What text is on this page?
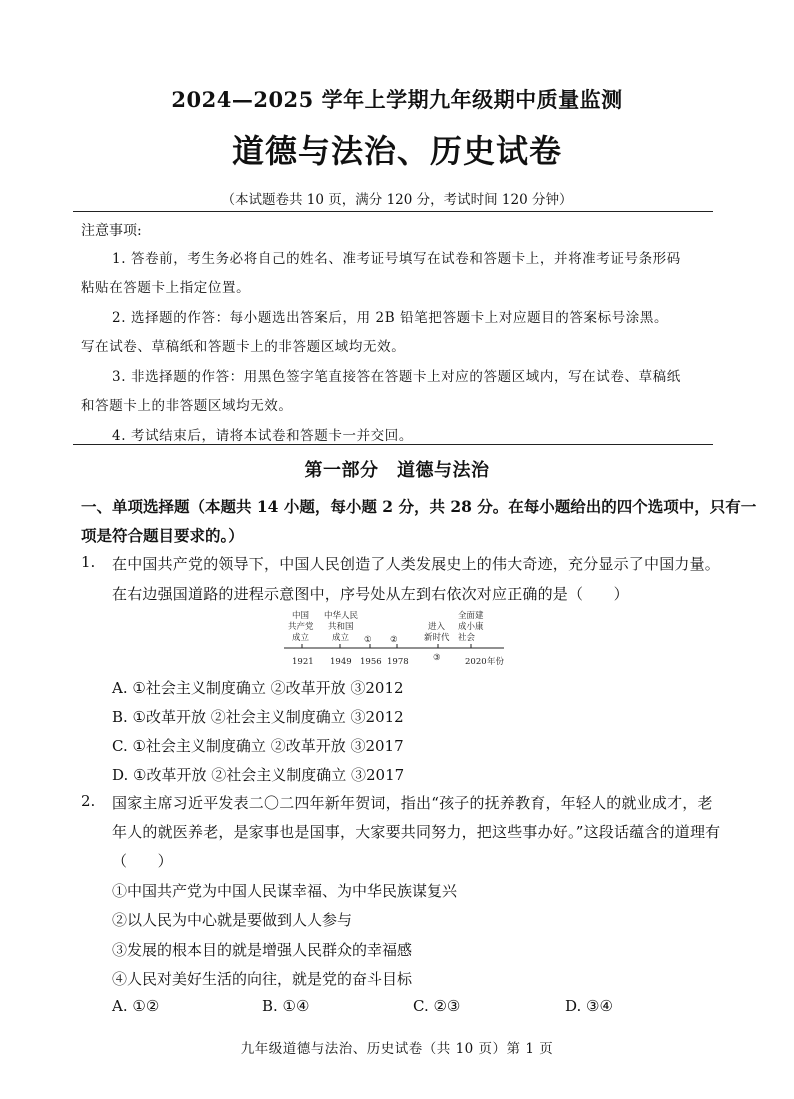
2024—2025 学年上学期九年级期中质量监测
道德与法治、历史试卷
（本试题卷共 10 页，满分 120 分，考试时间 120 分钟）
注意事项:
1. 答卷前，考生务必将自己的姓名、准考证号填写在试卷和答题卡上，并将准考证号条形码
粘贴在答题卡上指定位置。
2. 选择题的作答：每小题选出答案后，用 2B 铅笔把答题卡上对应题目的答案标号涂黑。
写在试卷、草稿纸和答题卡上的非答题区域均无效。
3. 非选择题的作答：用黑色签字笔直接答在答题卡上对应的答题区域内，写在试卷、草稿纸
和答题卡上的非答题区域均无效。
4. 考试结束后，请将本试卷和答题卡一并交回。
第一部分　道德与法治
一、单项选择题（本题共 14 小题，每小题 2 分，共 28 分。在每小题给出的四个选项中，只有一
项是符合题目要求的。）
1. 在中国共产党的领导下，中国人民创造了人类发展史上的伟大奇迹，充分显示了中国力量。
在右边强国道路的进程示意图中，序号处从左到右依次对应正确的是（　　）
中国
共产党
成立
中华人民
共和国
成立 ① ②
进入
新时代
全面建
成小康
社会
1921 1949 1956 1978	③	2020 年份
A. ①社会主义制度确立 ②改革开放 ③2012
B. ①改革开放 ②社会主义制度确立 ③2012
C. ①社会主义制度确立 ②改革开放 ③2017
D. ①改革开放 ②社会主义制度确立 ③2017
2. 国家主席习近平发表二〇二四年新年贺词，指出“孩子的抚养教育，年轻人的就业成才，老
年人的就医养老，是家事也是国事，大家要共同努力，把这些事办好。”这段话蕴含的道理有
（　　）
①中国共产党为中国人民谋幸福、为中华民族谋复兴
②以人民为中心就是要做到人人参与
③发展的根本目的就是增强人民群众的幸福感
④人民对美好生活的向往，就是党的奋斗目标
A. ①②	B. ①④	C. ②③	D. ③④
九年级道德与法治、历史试卷（共 10 页）第 1 页
